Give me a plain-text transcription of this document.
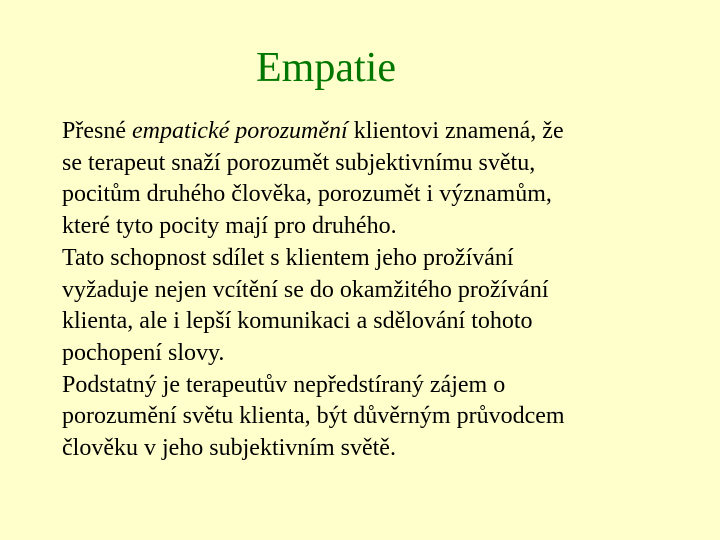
Empatie

Přesné empatické porozumění klientovi znamená, že
se terapeut snaží porozumět subjektivnímu světu,
pocitům druhého člověka, porozumět i významům,
které tyto pocity mají pro druhého.

Tato schopnost sdílet s klientem jeho prožívání
vyžaduje nejen vcítění se do okamžitého prožívání
klienta, ale i lepší komunikaci a sdělování tohoto
pochopení slovy.

Podstatný je terapeutův nepředstíraný zájem o
porozumění světu klienta, být důvěrným průvodcem
člověku v jeho subjektivním světě.
